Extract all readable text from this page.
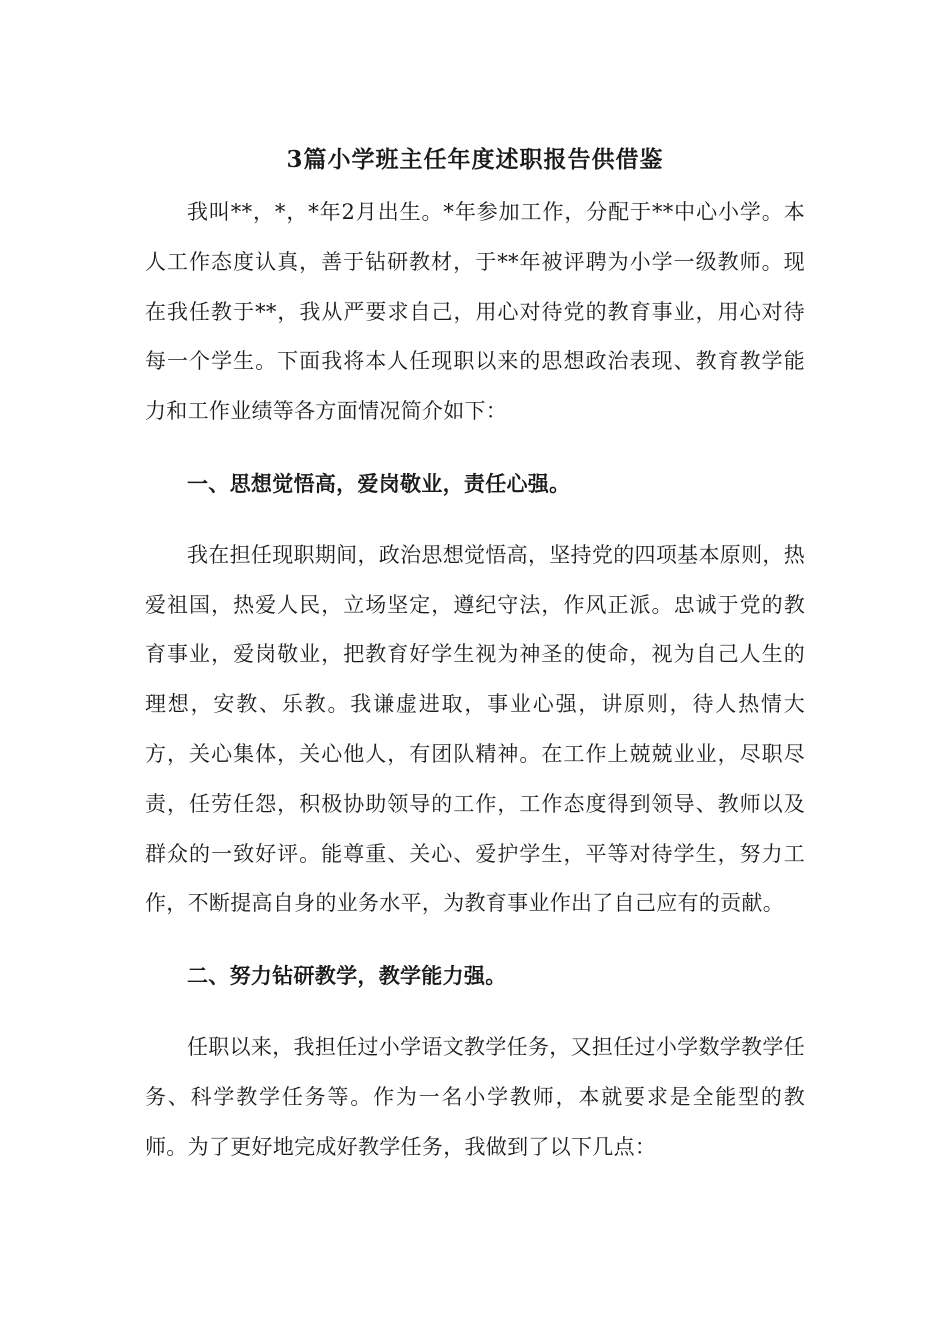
3篇小学班主任年度述职报告供借鉴

我叫**，*，*年2月出生。*年参加工作，分配于**中心小学。本人工作态度认真，善于钻研教材，于**年被评聘为小学一级教师。现在我任教于**，我从严要求自己，用心对待党的教育事业，用心对待每一个学生。下面我将本人任现职以来的思想政治表现、教育教学能力和工作业绩等各方面情况简介如下：

一、思想觉悟高，爱岗敬业，责任心强。

我在担任现职期间，政治思想觉悟高，坚持党的四项基本原则，热爱祖国，热爱人民，立场坚定，遵纪守法，作风正派。忠诚于党的教育事业，爱岗敬业，把教育好学生视为神圣的使命，视为自己人生的理想，安教、乐教。我谦虚进取，事业心强，讲原则，待人热情大方，关心集体，关心他人，有团队精神。在工作上兢兢业业，尽职尽责，任劳任怨，积极协助领导的工作，工作态度得到领导、教师以及群众的一致好评。能尊重、关心、爱护学生，平等对待学生，努力工作，不断提高自身的业务水平，为教育事业作出了自己应有的贡献。

二、努力钻研教学，教学能力强。

任职以来，我担任过小学语文教学任务，又担任过小学数学教学任务、科学教学任务等。作为一名小学教师，本就要求是全能型的教师。为了更好地完成好教学任务，我做到了以下几点：
